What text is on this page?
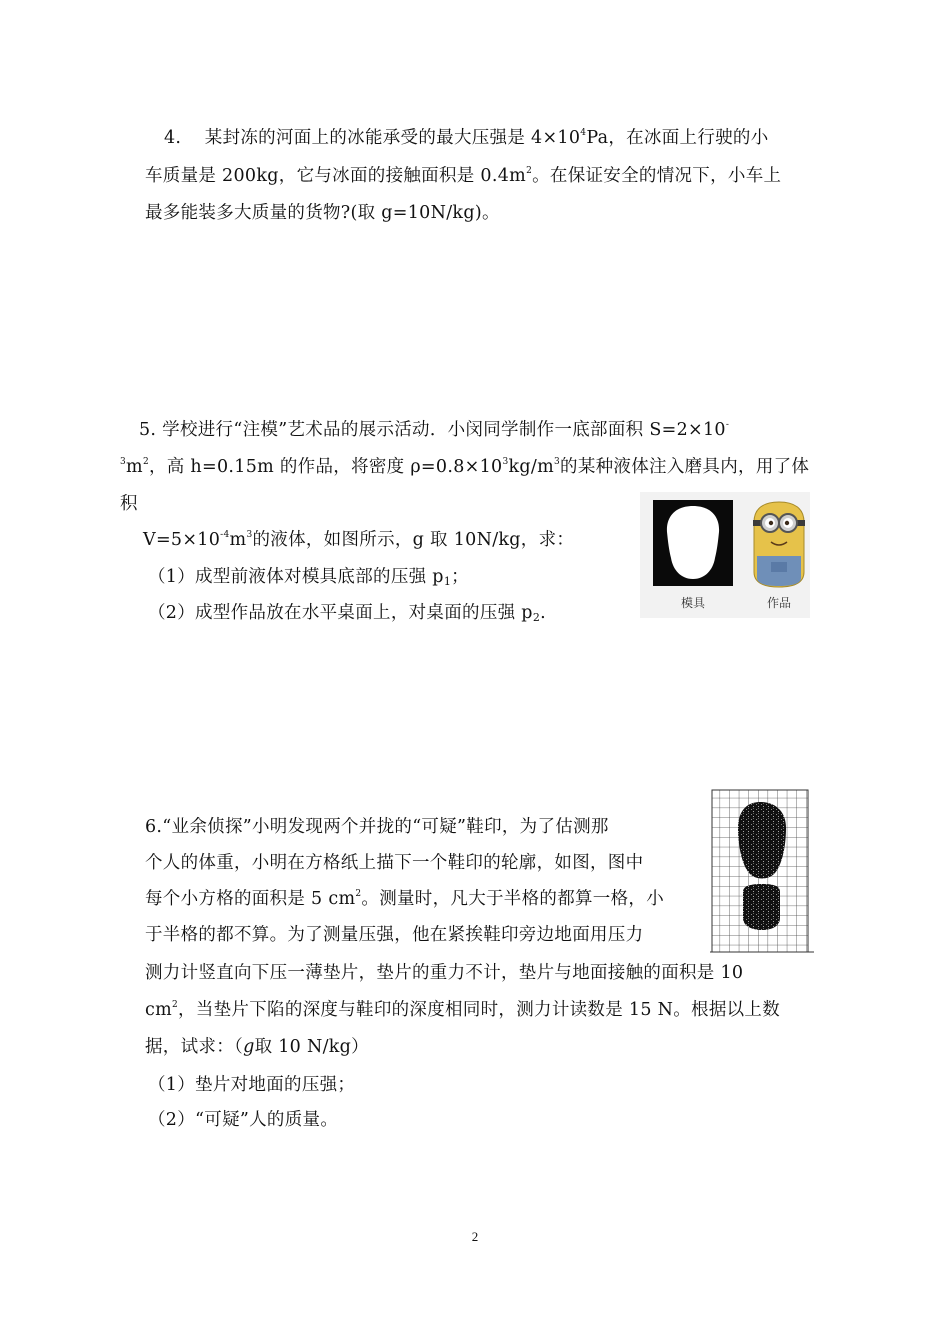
4. 某封冻的河面上的冰能承受的最大压强是 $4\times 10^4Pa$，在冰面上行驶的小
车质量是 200kg，它与冰面的接触面积是 $0.4m^2$。在保证安全的情况下，小车上
最多能装多大质量的货物?(取 g=10N/kg)。
5. 学校进行“注模”艺术品的展示活动．小闵同学制作一底部面积 S=2×10-
$^3m^2$，高 h=0.15m 的作品，将密度 $\rho=0.8\times 10^3kg/m^3$的某种液体注入磨具内，用了体
积
$V=5\times 10^{-4}m^3$的液体，如图所示，g 取 10N/kg，求：
（1）成型前液体对模具底部的压强 $p_1$；
（2）成型作品放在水平桌面上，对桌面的压强 $p_2$.	模具	作品
6.“业余侦探”小明发现两个并拢的“可疑”鞋印，为了估测那
个人的体重，小明在方格纸上描下一个鞋印的轮廓，如图，图中
每个小方格的面积是 5 $cm^2$。测量时，凡大于半格的都算一格，小
于半格的都不算。为了测量压强，他在紧挨鞋印旁边地面用压力
测力计竖直向下压一薄垫片，垫片的重力不计，垫片与地面接触的面积是 10
$cm^2$，当垫片下陷的深度与鞋印的深度相同时，测力计读数是 15 N。根据以上数
据，试求：（g取 10 N/kg）
（1）垫片对地面的压强；
（2）“可疑”人的质量。
2
